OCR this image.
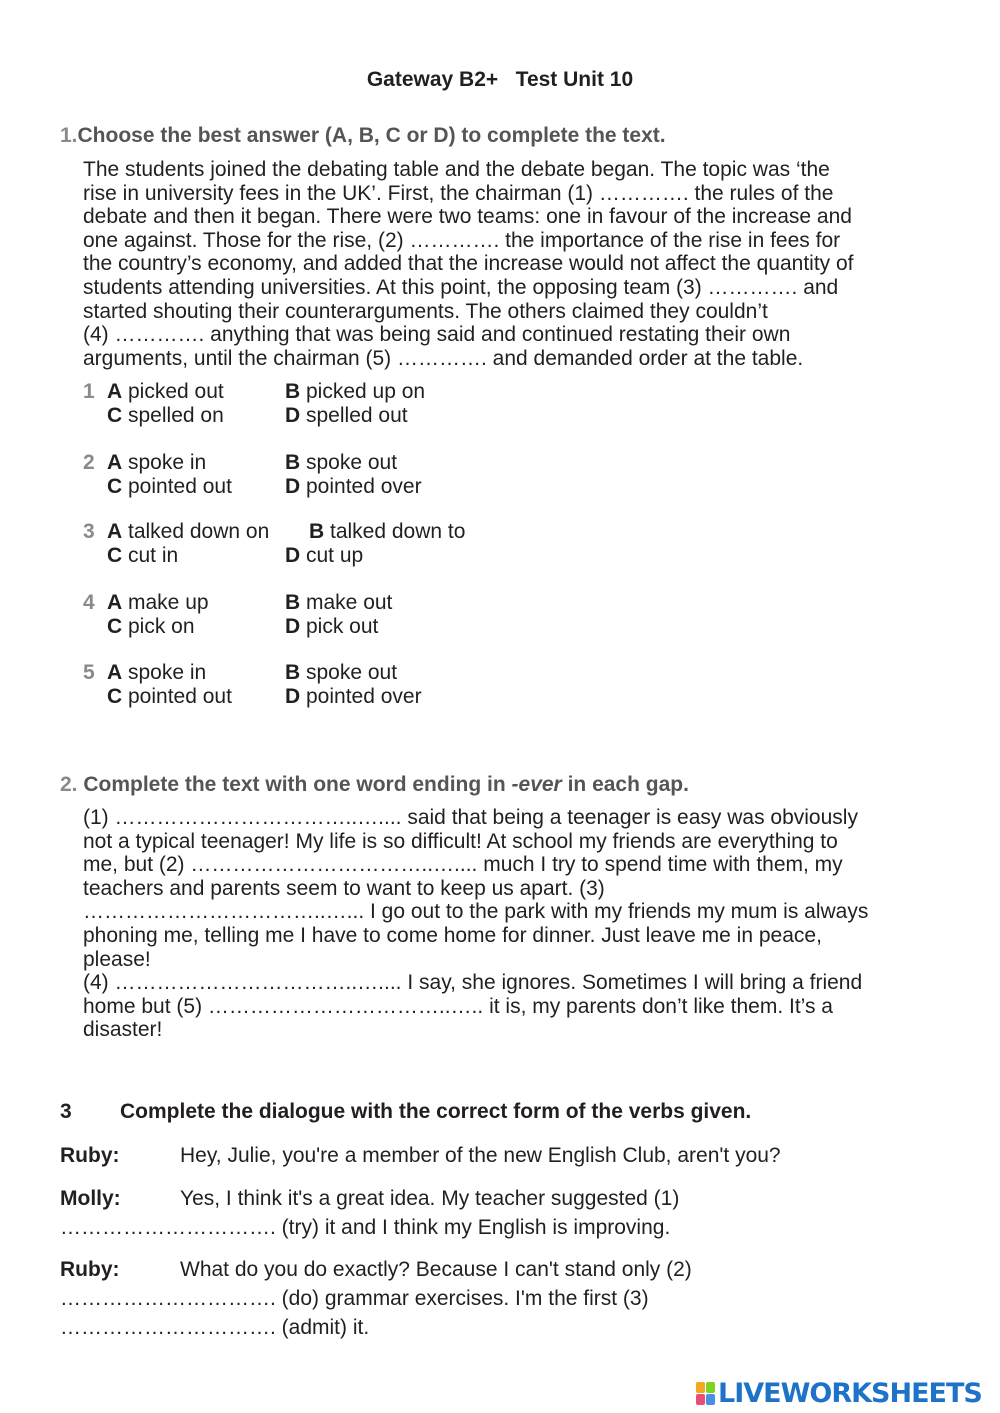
Gateway B2+   Test Unit 10
1.Choose the best answer (A, B, C or D) to complete the text.

The students joined the debating table and the debate began. The topic was ‘the

rise in university fees in the UK’. First, the chairman (1) …………. the rules of the

debate and then it began. There were two teams: one in favour of the increase and

one against. Those for the rise, (2) …………. the importance of the rise in fees for

the country’s economy, and added that the increase would not affect the quantity of

students attending universities. At this point, the opposing team (3) …………. and

started shouting their counterarguments. The others claimed they couldn’t

(4) …………. anything that was being said and continued restating their own

arguments, until the chairman (5) …………. and demanded order at the table.

1 A picked out	B picked up on
C spelled on	D spelled out
2 A spoke in	B spoke out
C pointed out	D pointed over
3 A talked down on B talked down to
C cut in	D cut up
4 A make up	B make out
C pick on	D pick out
5 A spoke in	B spoke out
C pointed out	D pointed over
2. Complete the text with one word ending in -ever in each gap.

(1) ……………………………..….... said that being a teenager is easy was obviously

not a typical teenager! My life is so difficult! At school my friends are everything to

me, but (2) ……………………………..….... much I try to spend time with them, my

teachers and parents seem to want to keep us apart. (3)

……………………………..…... I go out to the park with my friends my mum is always

phoning me, telling me I have to come home for dinner. Just leave me in peace,

please!

(4) ……………………………..….... I say, she ignores. Sometimes I will bring a friend

home but (5) ……………………………..….. it is, my parents don’t like them. It’s a

disaster!

3 Complete the dialogue with the correct form of the verbs given.
Ruby:	Hey, Julie, you're a member of the new English Club, aren't you?
Molly:	Yes, I think it's a great idea. My teacher suggested (1)
…………………………. (try) it and I think my English is improving.
Ruby:	What do you do exactly? Because I can't stand only (2)
…………………………. (do) grammar exercises. I'm the first (3)
…………………………. (admit) it.
LIVEWORKSHEETS
